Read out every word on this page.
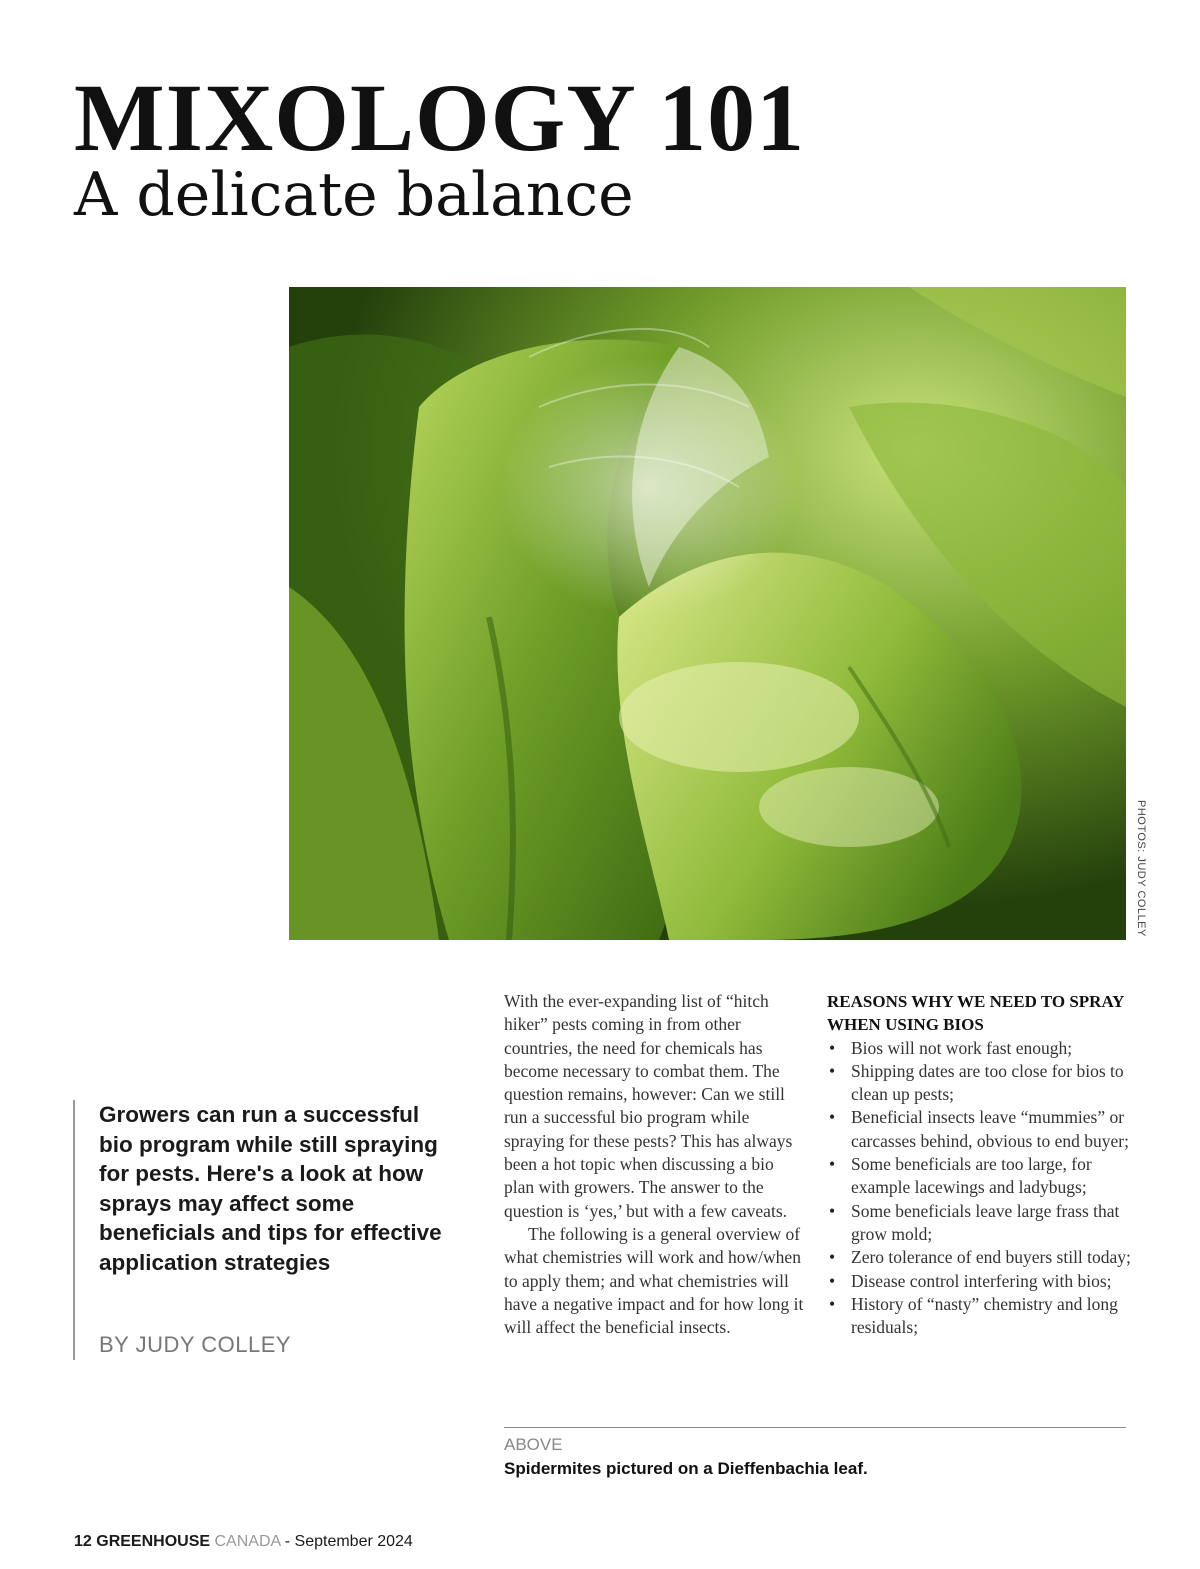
MIXOLOGY 101
A delicate balance
PHOTOS: JUDY COLLEY

Growers can run a successful bio program while still spraying for pests. Here's a look at how sprays may affect some beneficials and tips for effective application strategies

BY JUDY COLLEY

With the ever-expanding list of “hitch hiker” pests coming in from other countries, the need for chemicals has become necessary to combat them. The question remains, however: Can we still run a successful bio program while spraying for these pests? This has always been a hot topic when discussing a bio plan with growers. The answer to the question is ‘yes,’ but with a few caveats.

The following is a general overview of what chemistries will work and how/when to apply them; and what chemistries will have a negative impact and for how long it will affect the beneficial insects.

REASONS WHY WE NEED TO SPRAY WHEN USING BIOS
• Bios will not work fast enough;
• Shipping dates are too close for bios to clean up pests;
• Beneficial insects leave “mummies” or carcasses behind, obvious to end buyer;
• Some beneficials are too large, for example lacewings and ladybugs;
• Some beneficials leave large frass that grow mold;
• Zero tolerance of end buyers still today;
• Disease control interfering with bios;
• History of “nasty” chemistry and long residuals;
ABOVE
Spidermites pictured on a Dieffenbachia leaf.
12 GREENHOUSE CANADA - September 2024
